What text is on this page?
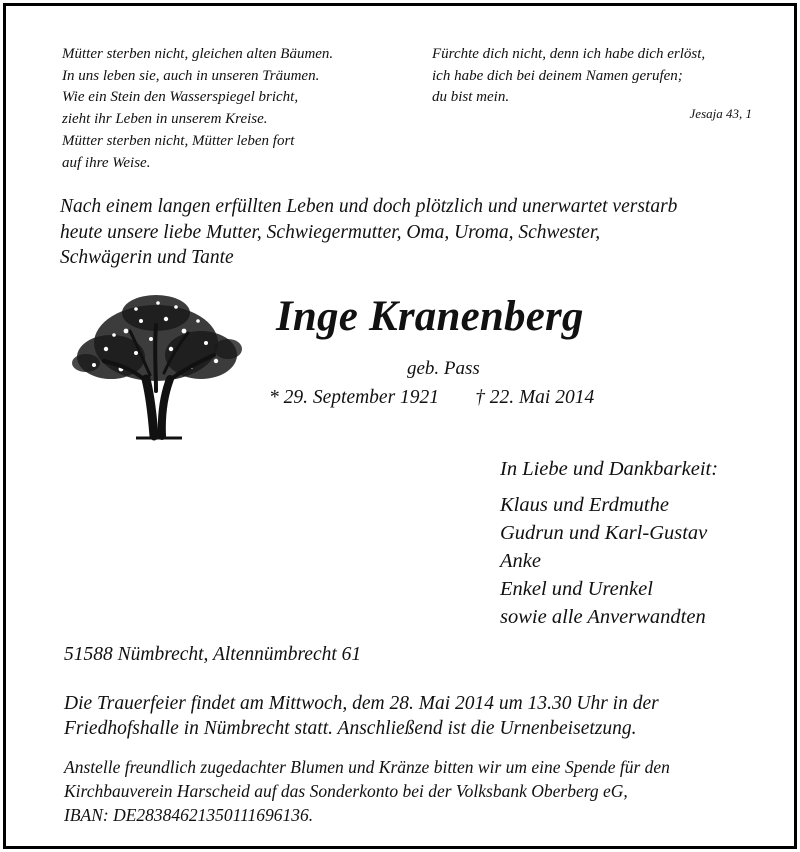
Mütter sterben nicht, gleichen alten Bäumen.
In uns leben sie, auch in unseren Träumen.
Wie ein Stein den Wasserspiegel bricht,
zieht ihr Leben in unserem Kreise.
Mütter sterben nicht, Mütter leben fort
auf ihre Weise.
Fürchte dich nicht, denn ich habe dich erlöst,
ich habe dich bei deinem Namen gerufen;
du bist mein.
Jesaja 43, 1
Nach einem langen erfüllten Leben und doch plötzlich und unerwartet verstarb
heute unsere liebe Mutter, Schwiegermutter, Oma, Uroma, Schwester,
Schwägerin und Tante
Inge Kranenberg
geb. Pass
* 29. September 1921 † 22. Mai 2014
In Liebe und Dankbarkeit:
Klaus und Erdmuthe
Gudrun und Karl-Gustav
Anke
Enkel und Urenkel
sowie alle Anverwandten
51588 Nümbrecht, Altennümbrecht 61
Die Trauerfeier findet am Mittwoch, dem 28. Mai 2014 um 13.30 Uhr in der
Friedhofshalle in Nümbrecht statt. Anschließend ist die Urnenbeisetzung.
Anstelle freundlich zugedachter Blumen und Kränze bitten wir um eine Spende für den
Kirchbauverein Harscheid auf das Sonderkonto bei der Volksbank Oberberg eG,
IBAN: DE28384621350111696136.
